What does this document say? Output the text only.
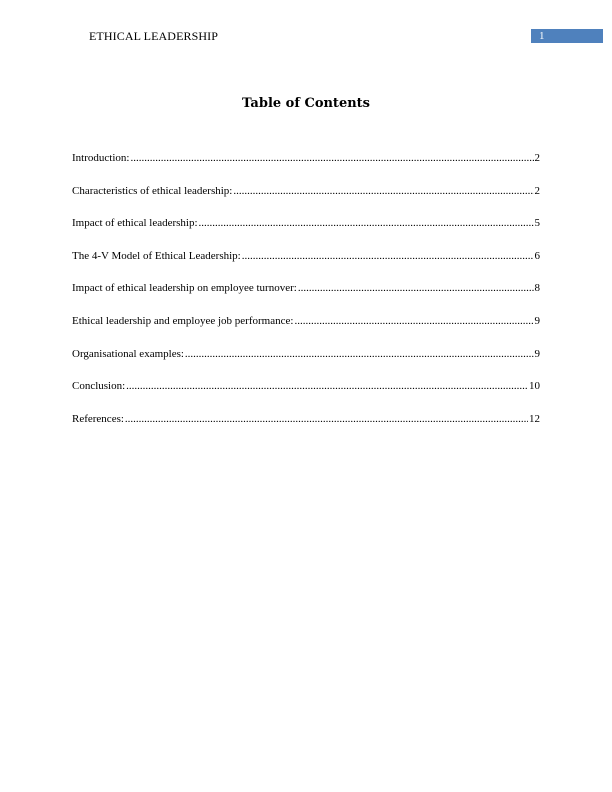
ETHICAL LEADERSHIP	1
Table of Contents
Introduction: .....	2
Characteristics of ethical leadership: .....	2
Impact of ethical leadership: .....	5
The 4-V Model of Ethical Leadership: .....	6
Impact of ethical leadership on employee turnover: .....	8
Ethical leadership and employee job performance: .....	9
Organisational examples: .....	9
Conclusion: .....	10
References: .....	12
